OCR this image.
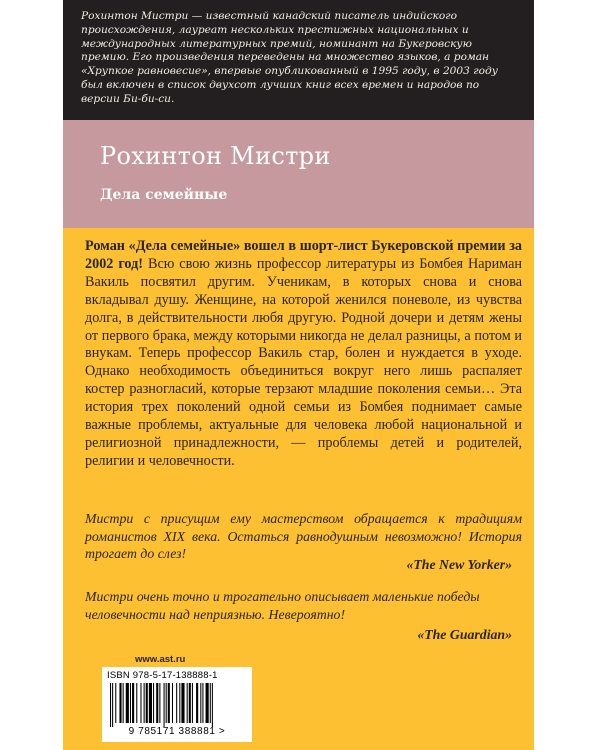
Рохинтон Мистри — известный канадский писатель индийского происхождения, лауреат нескольких престижных национальных и международных литературных премий, номинант на Букеровскую премию. Его произведения переведены на множество языков, а роман «Хрупкое равновесие», впервые опубликованный в 1995 году, в 2003 году был включен в список двухсот лучших книг всех времен и народов по версии Би-би-си.

Рохинтон Мистри
Дела семейные

Роман «Дела семейные» вошел в шорт-лист Букеровской премии за 2002 год! Всю свою жизнь профессор литературы из Бомбея Нариман Вакиль посвятил другим. Ученикам, в которых снова и снова вкладывал душу. Женщине, на которой женился поневоле, из чувства долга, в действительности любя другую. Родной дочери и детям жены от первого брака, между которыми никогда не делал разницы, а потом и внукам. Теперь профессор Вакиль стар, болен и нуждается в уходе. Однако необходимость объединиться вокруг него лишь распаляет костер разногласий, которые терзают младшие поколения семьи… Эта история трех поколений одной семьи из Бомбея поднимает самые важные проблемы, актуальные для человека любой национальной и религиозной принадлежности, — проблемы детей и родителей, религии и человечности.

Мистри с присущим ему мастерством обращается к традициям романистов XIX века. Остаться равнодушным невозможно! История трогает до слез!

«The New Yorker»

Мистри очень точно и трогательно описывает маленькие победы человечности над неприязнью. Невероятно!

«The Guardian»

www.ast.ru

ISBN 978-5-17-138888-1

9 785171 388881 >
